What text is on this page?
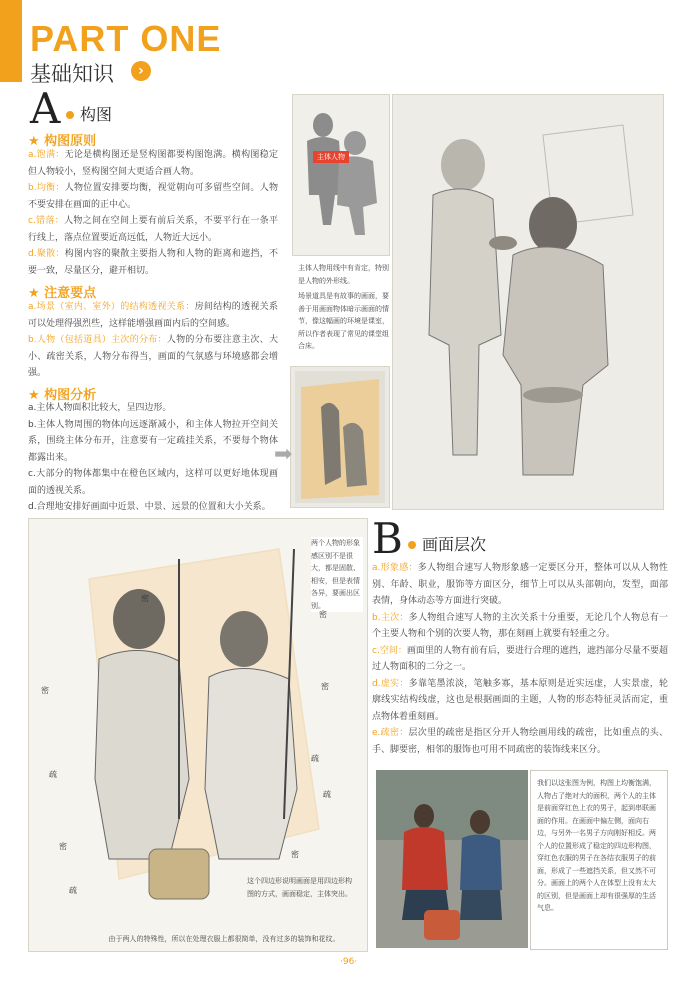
PART ONE
基础知识	›
A 构图
★ 构图原则
a.饱满：无论是横构图还是竖构图都要构图饱满。横构图稳定但人物较小，竖构图空间大更适合画人物。
b.均衡：人物位置安排要均衡，视觉朝向可多留些空间。人物不要安排在画面的正中心。
c.错落：人物之间在空间上要有前后关系，不要平行在一条平行线上，落点位置要近高远低，人物近大远小。
d.聚散：构图内容的聚散主要指人物和人物的距离和遮挡，不要一致，尽量区分，避开相切。
★ 注意要点
a.场景（室内、室外）的结构透视关系：房间结构的透视关系可以处理得强烈些，这样能增强画面内后的空间感。
b.人物（包括道具）主次的分布：人物的分布要注意主次、大小、疏密关系，人物分布得当，画面的气氛感与环境感都会增强。
★ 构图分析
a.主体人物面积比较大，呈四边形。
b.主体人物周围的物体向远逐渐减小，和主体人物拉开空间关系，围绕主体分布开，注意要有一定疏挂关系，不要每个物体都露出来。
c.大部分的物体都集中在橙色区域内，这样可以更好地体现画面的透视关系。
d.合理地安排好画面中近景、中景、远景的位置和大小关系。
主体人物
主体人物用线中有肯定，特别是人物的外形线。
场景道具是有故事的画面，要善于用画面物体暗示画面的情节，像这幅画的环境是课室，所以作者表现了常见的课堂组合床。
➡
两个人物的形象感区别不是很大，都是固散、相安，但是表情各异，要画出区别。
这个四边形说明画面是用四边形构图的方式，画面稳定，主体突出。
密
密
密	密
疏
疏
疏
密
密
疏
由于两人的特殊性，所以在处理衣服上都很简单，没有过多的装饰和花纹。
B 画面层次
a.形象感：多人物组合速写人物形象感一定要区分开，整体可以从人物性别、年龄、职业，服饰等方面区分，细节上可以从头部朝向，发型，面部表情，身体动态等方面进行突破。
b.主次：多人物组合速写人物的主次关系十分重要，无论几个人物总有一个主要人物和个别的次要人物，那在刻画上就要有轻重之分。
c.空间：画面里的人物有前有后，要进行合理的遮挡，遮挡部分尽量不要超过人物面积的二分之一。
d.虚实：多靠笔墨浓淡，笔触多寡，基本原则是近实远虚，人实景虚，轮廓线实结构线虚，这也是根据画面的主题，人物的形态特征灵活而定，重点物体着重刻画。
e.疏密：层次里的疏密是指区分开人物绘画用线的疏密，比如重点的头、手、脚要密，相邻的服饰也可用不同疏密的装饰线来区分。
我们以这张图为例，构图上均衡饱满，人物占了绝对大的面积，两个人的主体是前面穿红色上衣的男子，起到串联画面的作用。在画面中偏左侧，面向右边，与另外一名男子方向刚好相反。两个人的位置形成了稳定的四边形构图，穿红色衣服的男子在各结衣服男子的前面，形成了一些遮挡关系，但又然不可分。画面上的两个人在体型上没有太大的区别，但是画面上却有很强厚的生活气息。
·96·
